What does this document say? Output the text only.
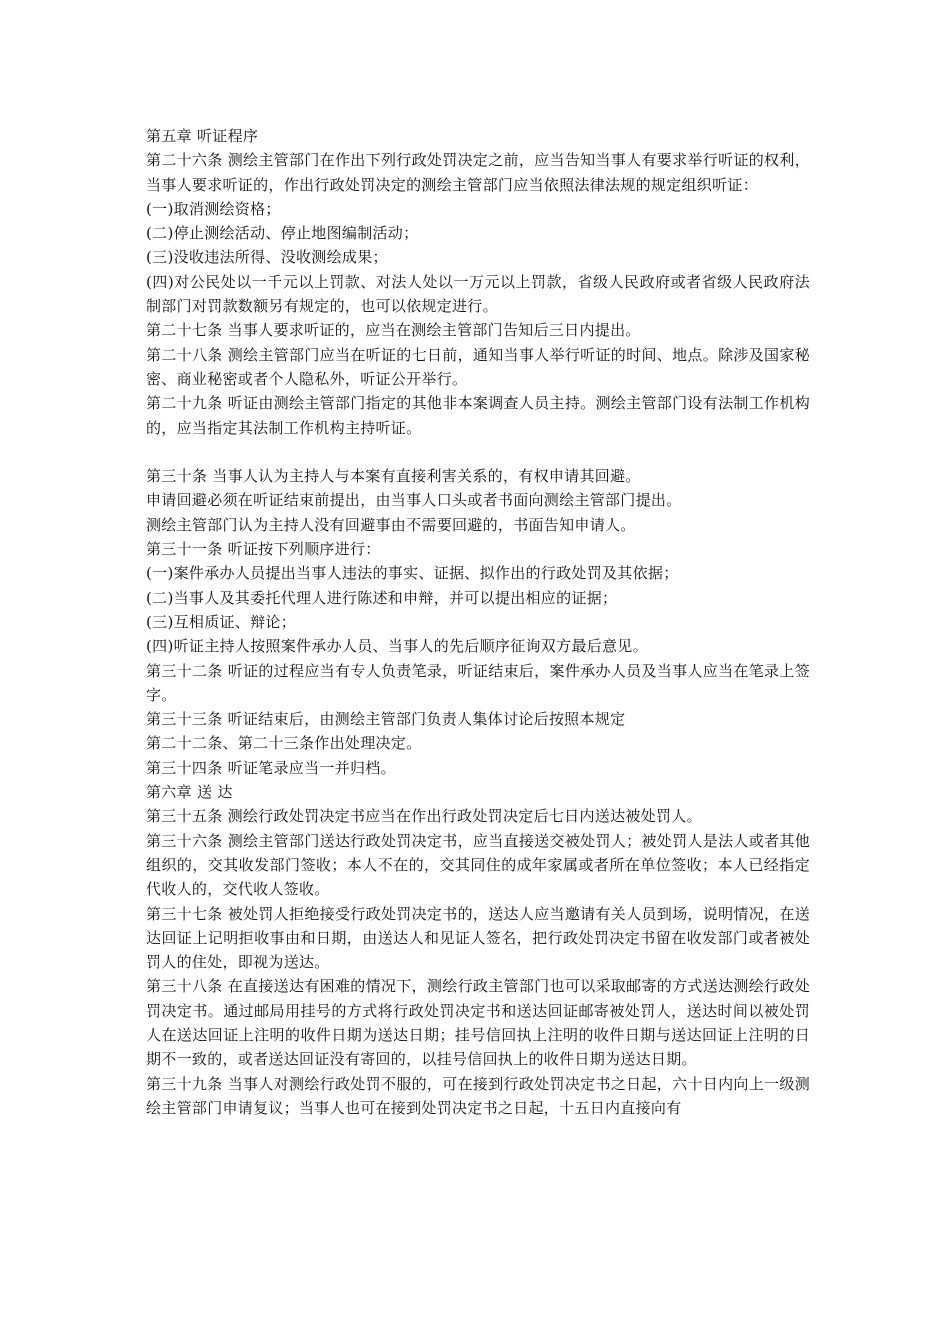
第五章 听证程序

第二十六条 测绘主管部门在作出下列行政处罚决定之前，应当告知当事人有要求举行听证的权利，当事人要求听证的，作出行政处罚决定的测绘主管部门应当依照法律法规的规定组织听证：

(一)取消测绘资格；

(二)停止测绘活动、停止地图编制活动；

(三)没收违法所得、没收测绘成果；

(四)对公民处以一千元以上罚款、对法人处以一万元以上罚款，省级人民政府或者省级人民政府法制部门对罚款数额另有规定的，也可以依规定进行。

第二十七条 当事人要求听证的，应当在测绘主管部门告知后三日内提出。

第二十八条 测绘主管部门应当在听证的七日前，通知当事人举行听证的时间、地点。除涉及国家秘密、商业秘密或者个人隐私外，听证公开举行。

第二十九条 听证由测绘主管部门指定的其他非本案调查人员主持。测绘主管部门设有法制工作机构的，应当指定其法制工作机构主持听证。

第三十条 当事人认为主持人与本案有直接利害关系的，有权申请其回避。

申请回避必须在听证结束前提出，由当事人口头或者书面向测绘主管部门提出。

测绘主管部门认为主持人没有回避事由不需要回避的，书面告知申请人。

第三十一条 听证按下列顺序进行：

(一)案件承办人员提出当事人违法的事实、证据、拟作出的行政处罚及其依据；

(二)当事人及其委托代理人进行陈述和申辩，并可以提出相应的证据；

(三)互相质证、辩论；

(四)听证主持人按照案件承办人员、当事人的先后顺序征询双方最后意见。

第三十二条 听证的过程应当有专人负责笔录，听证结束后，案件承办人员及当事人应当在笔录上签字。

第三十三条 听证结束后，由测绘主管部门负责人集体讨论后按照本规定

第二十二条、第二十三条作出处理决定。

第三十四条 听证笔录应当一并归档。

第六章 送 达

第三十五条 测绘行政处罚决定书应当在作出行政处罚决定后七日内送达被处罚人。

第三十六条 测绘主管部门送达行政处罚决定书，应当直接送交被处罚人；被处罚人是法人或者其他组织的，交其收发部门签收；本人不在的，交其同住的成年家属或者所在单位签收；本人已经指定代收人的，交代收人签收。

第三十七条 被处罚人拒绝接受行政处罚决定书的，送达人应当邀请有关人员到场，说明情况，在送达回证上记明拒收事由和日期，由送达人和见证人签名，把行政处罚决定书留在收发部门或者被处罚人的住处，即视为送达。

第三十八条 在直接送达有困难的情况下，测绘行政主管部门也可以采取邮寄的方式送达测绘行政处罚决定书。通过邮局用挂号的方式将行政处罚决定书和送达回证邮寄被处罚人，送达时间以被处罚人在送达回证上注明的收件日期为送达日期；挂号信回执上注明的收件日期与送达回证上注明的日期不一致的，或者送达回证没有寄回的，以挂号信回执上的收件日期为送达日期。

第三十九条 当事人对测绘行政处罚不服的，可在接到行政处罚决定书之日起，六十日内向上一级测绘主管部门申请复议；当事人也可在接到处罚决定书之日起，十五日内直接向有
